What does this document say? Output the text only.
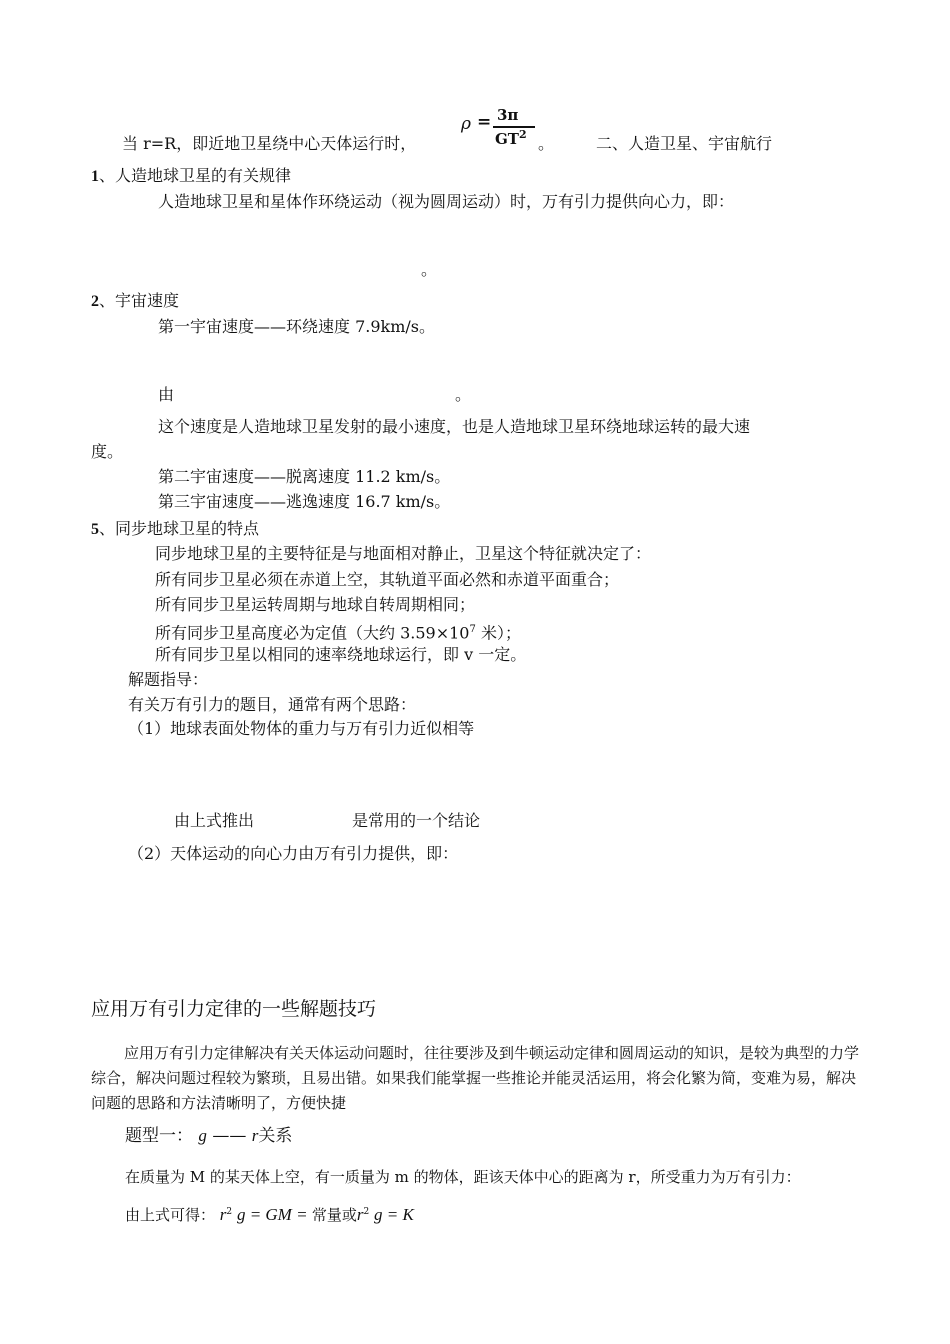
ρ = 3π
$GT^2$
当 r=R，即近地卫星绕中心天体运行时，	。	二、人造卫星、宇宙航行
1、人造地球卫星的有关规律
人造地球卫星和星体作环绕运动（视为圆周运动）时，万有引力提供向心力，即：
。
2、宇宙速度
第一宇宙速度——环绕速度 7.9km/s。
由	。
这个速度是人造地球卫星发射的最小速度，也是人造地球卫星环绕地球运转的最大速
度。
第二宇宙速度——脱离速度 11.2 km/s。
第三宇宙速度——逃逸速度 16.7 km/s。
5、同步地球卫星的特点
同步地球卫星的主要特征是与地面相对静止，卫星这个特征就决定了：
所有同步卫星必须在赤道上空，其轨道平面必然和赤道平面重合；
所有同步卫星运转周期与地球自转周期相同；
所有同步卫星高度必为定值（大约 $3.59\times 10^7$ 米）；
所有同步卫星以相同的速率绕地球运行，即 v 一定。
解题指导：
有关万有引力的题目，通常有两个思路：
（1）地球表面处物体的重力与万有引力近似相等
由上式推出	是常用的一个结论
（2）天体运动的向心力由万有引力提供，即：
应用万有引力定律的一些解题技巧
应用万有引力定律解决有关天体运动问题时，往往要涉及到牛顿运动定律和圆周运动的知识，是较为典型的力学综合，解决问题过程较为繁琐，且易出错。如果我们能掌握一些推论并能灵活运用，将会化繁为简，变难为易，解决问题的思路和方法清晰明了，方便快捷
题型一： g —— r关系
在质量为 M 的某天体上空，有一质量为 m 的物体，距该天体中心的距离为 r，所受重力为万有引力：
由上式可得： $r^2$ g = GM = 常量或$r^2$ g = K
